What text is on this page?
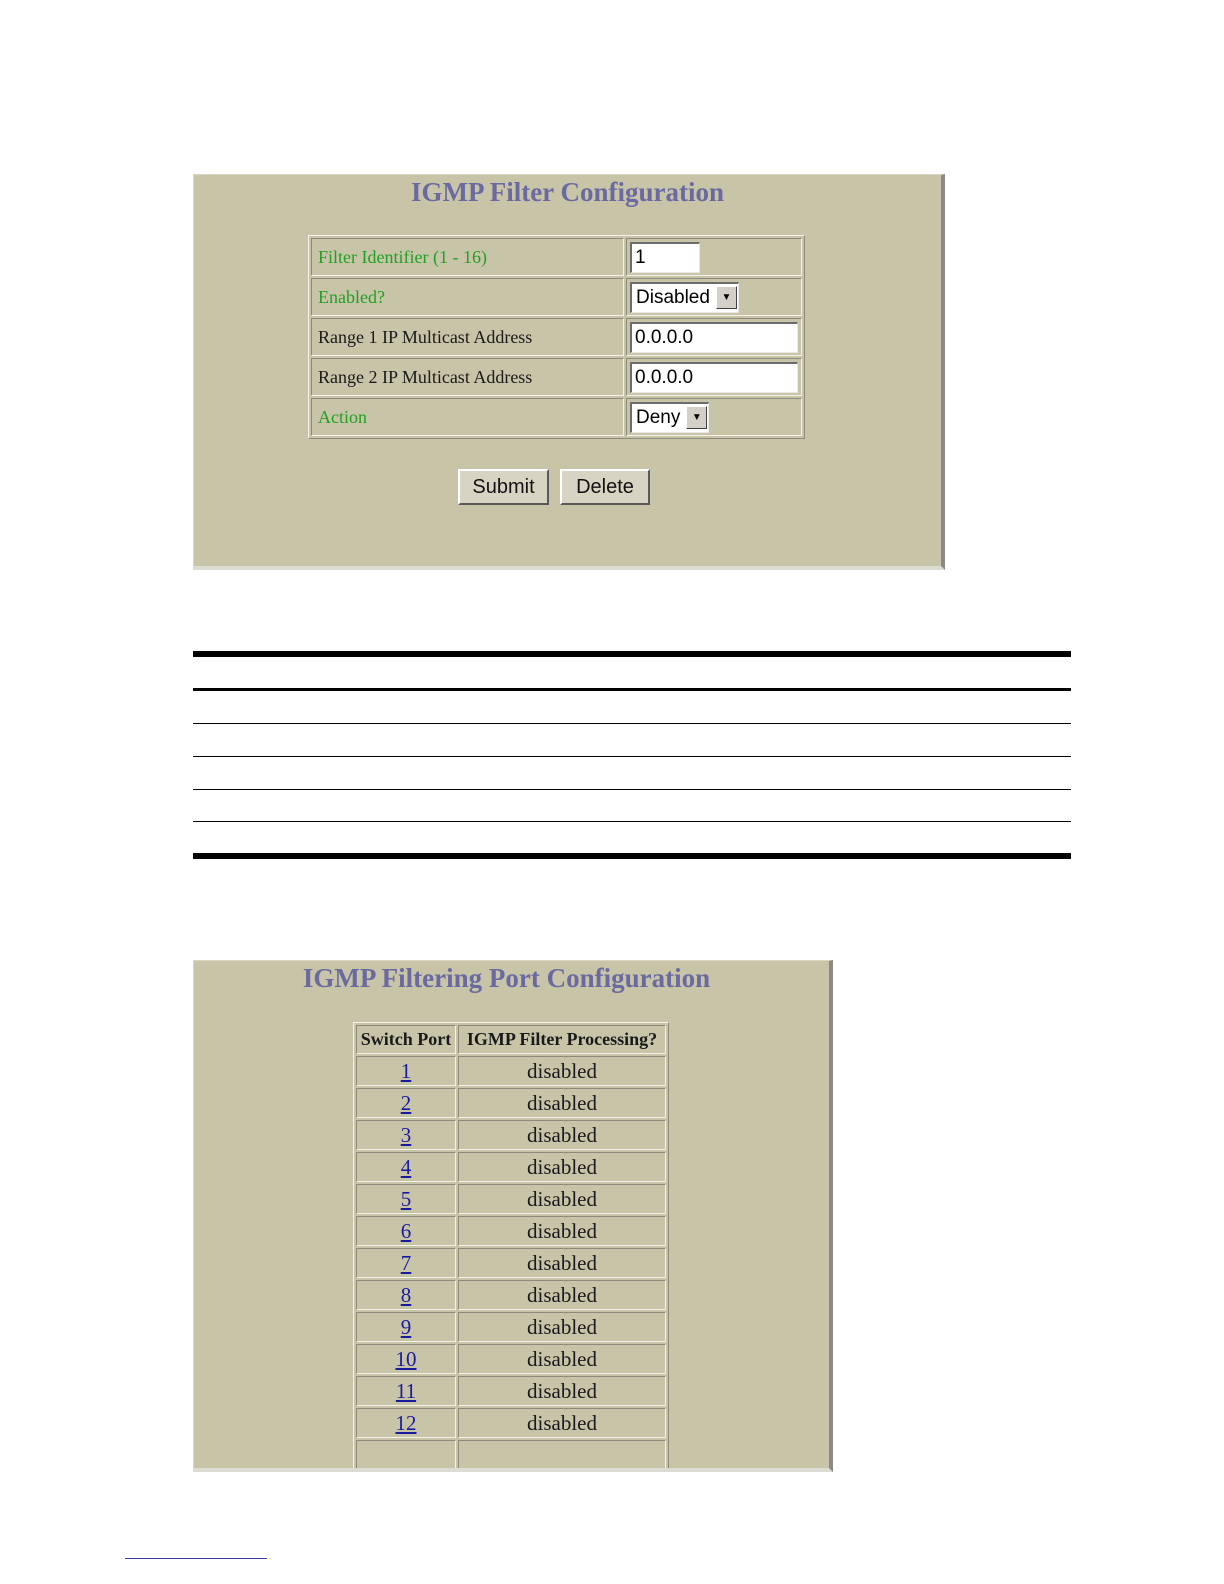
IGMP Filter Configuration
Filter Identifier (1 - 16)	1
Enabled?	Disabled ▼

Range 1 IP Multicast Address	0.0.0.0
Range 2 IP Multicast Address	0.0.0.0
Action	Deny ▼
Submit	Delete
IGMP Filtering Port Configuration
Switch Port	IGMP Filter Processing?
1	disabled
2	disabled
3	disabled
4	disabled
5	disabled
6	disabled
7	disabled
8	disabled
9	disabled
10	disabled
11	disabled
12	disabled
